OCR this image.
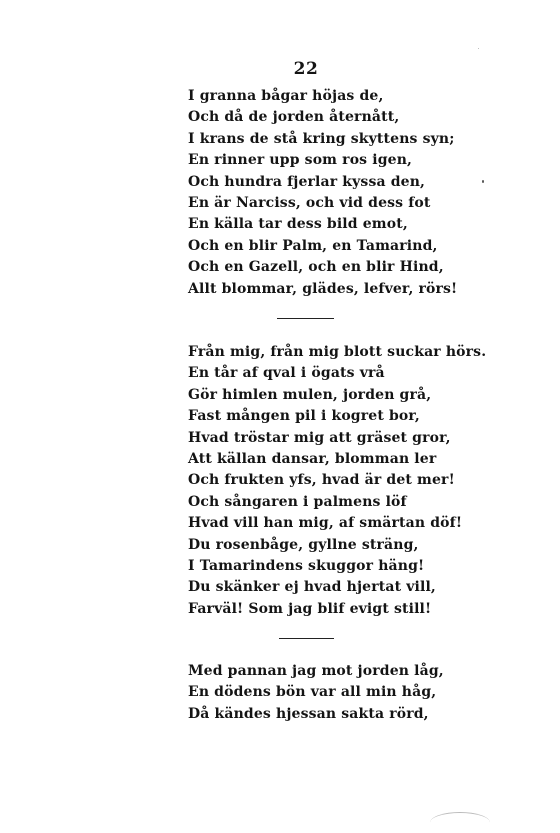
22
I granna bågar höjas de,
Och då de jorden åternått,
I krans de stå kring skyttens syn;
En rinner upp som ros igen,
Och hundra fjerlar kyssa den,
En är Narciss, och vid dess fot
En källa tar dess bild emot,
Och en blir Palm, en Tamarind,
Och en Gazell, och en blir Hind,
Allt blommar, glädes, lefver, rörs!
Från mig, från mig blott suckar hörs.
En tår af qval i ögats vrå
Gör himlen mulen, jorden grå,
Fast mången pil i kogret bor,
Hvad tröstar mig att gräset gror,
Att källan dansar, blomman ler
Och frukten yfs, hvad är det mer!
Och sångaren i palmens löf
Hvad vill han mig, af smärtan döf!
Du rosenbåge, gyllne sträng,
I Tamarindens skuggor häng!
Du skänker ej hvad hjertat vill,
Farväl! Som jag blif evigt still!
Med pannan jag mot jorden låg,
En dödens bön var all min håg,
Då kändes hjessan sakta rörd,
